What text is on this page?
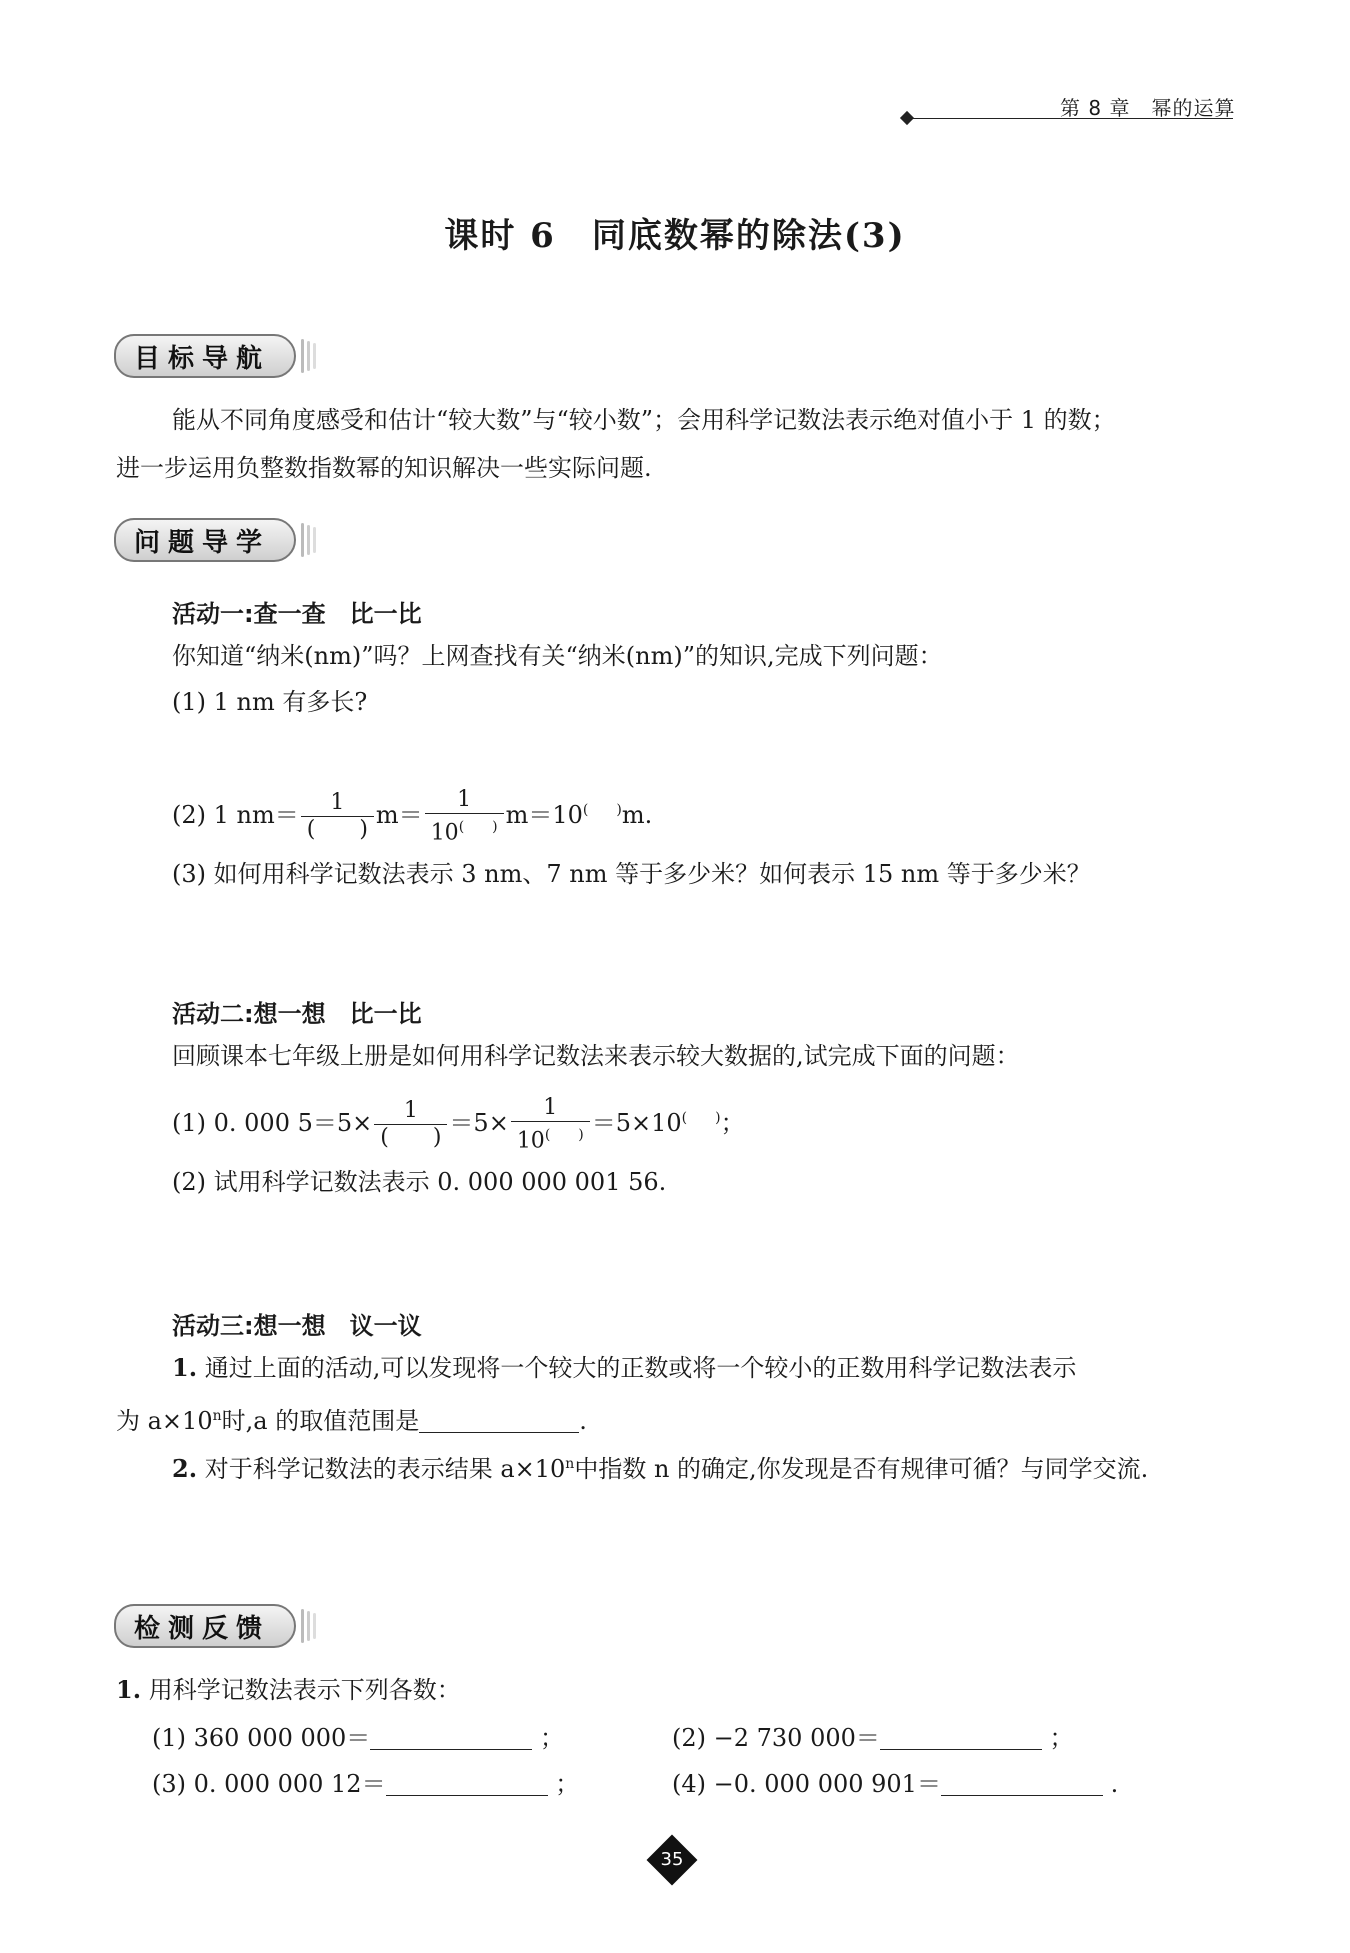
第 8 章　幂的运算
课时 6　同底数幂的除法(3)
目标导航
能从不同角度感受和估计“较大数”与“较小数”；会用科学记数法表示绝对值小于 1 的数；
进一步运用负整数指数幂的知识解决一些实际问题.
问题导学
活动一:查一查　比一比
你知道“纳米(nm)”吗？上网查找有关“纳米(nm)”的知识,完成下列问题：
(1) 1 nm 有多长?
(2) 1 $nm= \frac{1}{( )} m= \frac{1}{10^{( )}} m=10^{( )}m$.
(3) 如何用科学记数法表示 3 nm、7 nm 等于多少米？如何表示 15 nm 等于多少米？
活动二:想一想　比一比
回顾课本七年级上册是如何用科学记数法来表示较大数据的,试完成下面的问题：
(1) 0. 000 $5=5\times \frac{1}{( )} =5\times \frac{1}{10^{( )}} =5\times 10^{( )}$；
(2) 试用科学记数法表示 0. 000 000 001 56.
活动三:想一想　议一议
1. 通过上面的活动,可以发现将一个较大的正数或将一个较小的正数用科学记数法表示
为 $a\times 10^n$时,a 的取值范围是	.
2. 对于科学记数法的表示结果 $a\times 10^n$中指数 n 的确定,你发现是否有规律可循？与同学交流.
检测反馈
1. 用科学记数法表示下列各数：
(1) 360 000 000＝	；	(2) −2 730 000＝	；
(3) 0. 000 000 12＝	；	(4) −0. 000 000 901＝	.
35
